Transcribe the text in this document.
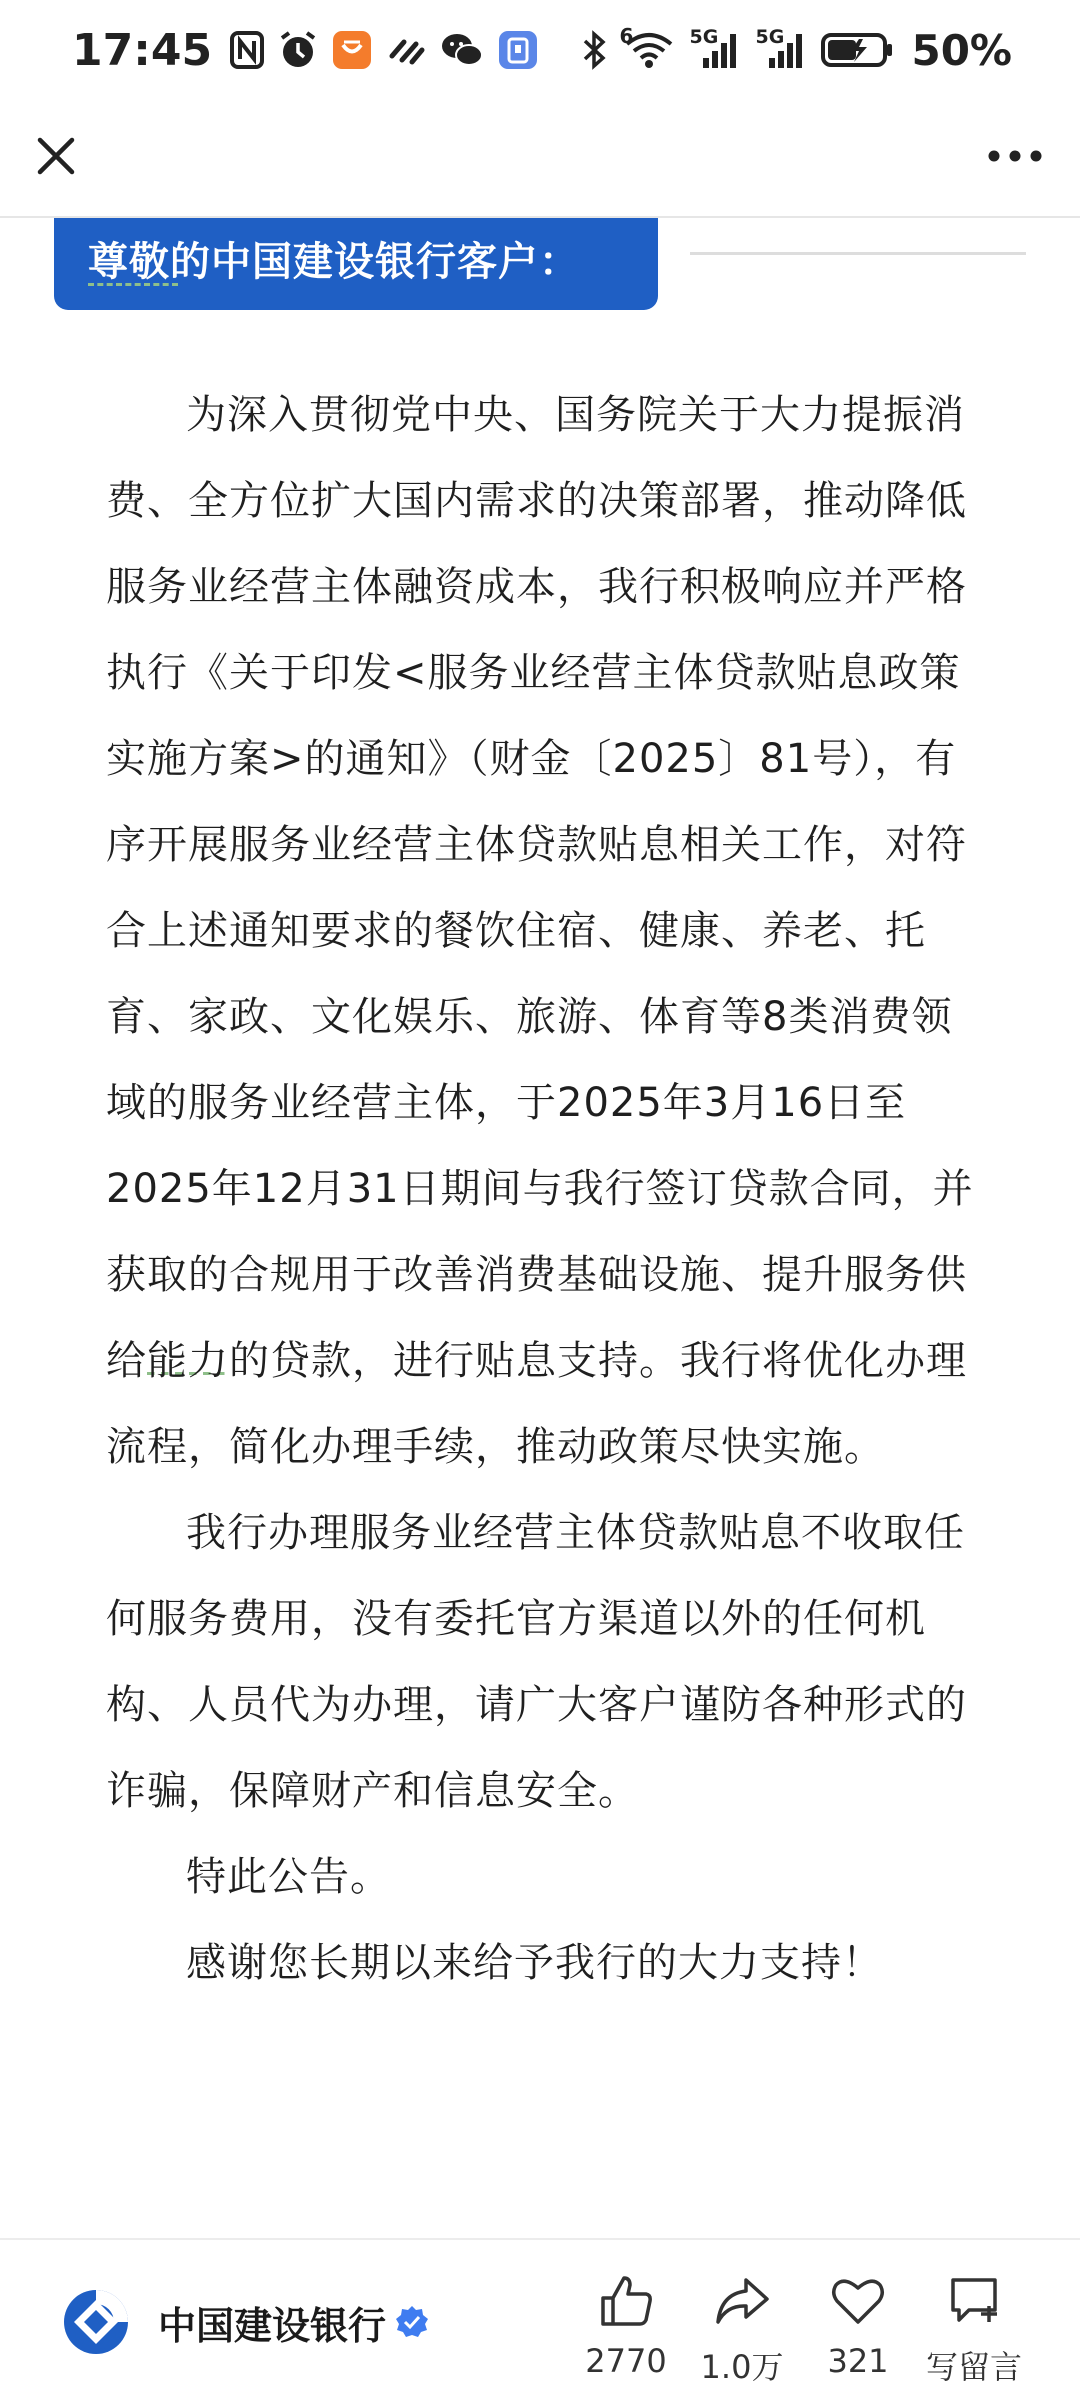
17:45	6	5G 5G	50%
尊敬的中国建设银行客户：

为深入贯彻党中央、国务院关于大力提振消费、全方位扩大国内需求的决策部署，推动降低服务业经营主体融资成本，我行积极响应并严格执行《关于印发<服务业经营主体贷款贴息政策实施方案>的通知》（财金〔2025〕81号），有序开展服务业经营主体贷款贴息相关工作，对符合上述通知要求的餐饮住宿、健康、养老、托育、家政、文化娱乐、旅游、体育等8类消费领域的服务业经营主体，于2025年3月16日至2025年12月31日期间与我行签订贷款合同，并获取的合规用于改善消费基础设施、提升服务供给能力的贷款，进行贴息支持。我行将优化办理流程，简化办理手续，推动政策尽快实施。

我行办理服务业经营主体贷款贴息不收取任何服务费用，没有委托官方渠道以外的任何机构、人员代为办理，请广大客户谨防各种形式的诈骗，保障财产和信息安全。

特此公告。

感谢您长期以来给予我行的大力支持！

中国建设银行
2770	1.0万	321	写留言
